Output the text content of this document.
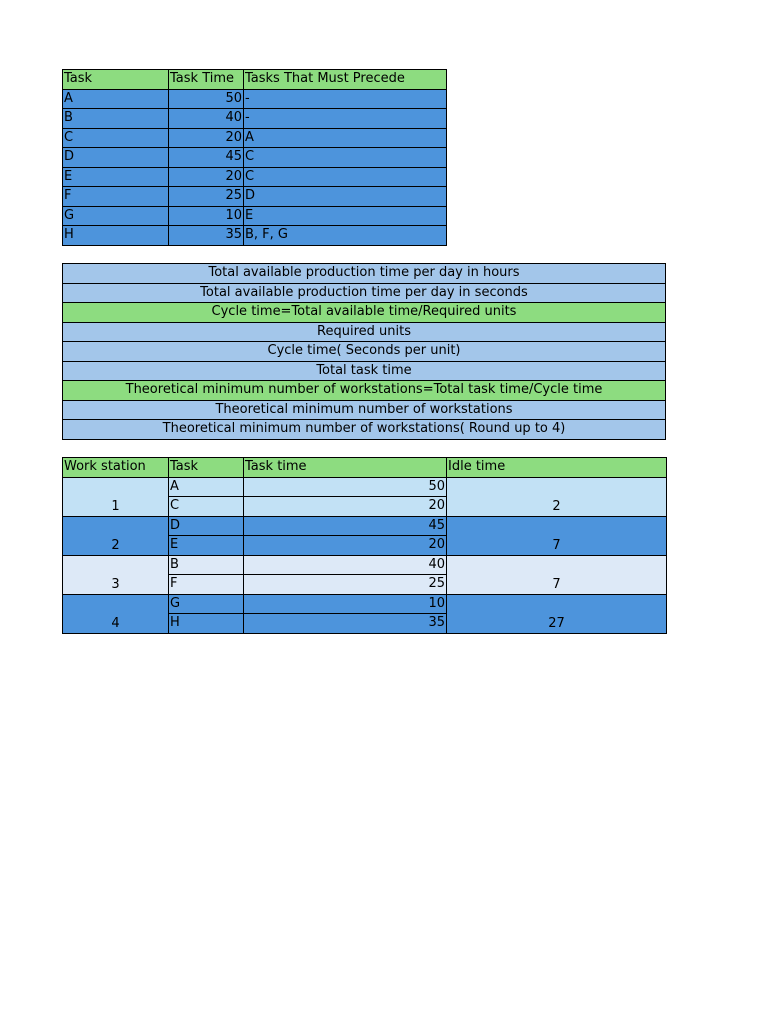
Task	Task Time	Tasks That Must Precede
A	50	-
B	40	-
C	20	A
D	45	C
E	20	C
F	25	D
G	10	E
H	35	B, F, G
Total available production time per day in hours
Total available production time per day in seconds
Cycle time=Total available time/Required units
Required units
Cycle time( Seconds per unit)
Total task time
Theoretical minimum number of workstations=Total task time/Cycle time
Theoretical minimum number of workstations
Theoretical minimum number of workstations( Round up to 4)
Work station	Task	Task time	Idle time
1	A	50	2
	C	20	
2	D	45	7
	E	20	
3	B	40	7
	F	25	
4	G	10	27
	H	35	
